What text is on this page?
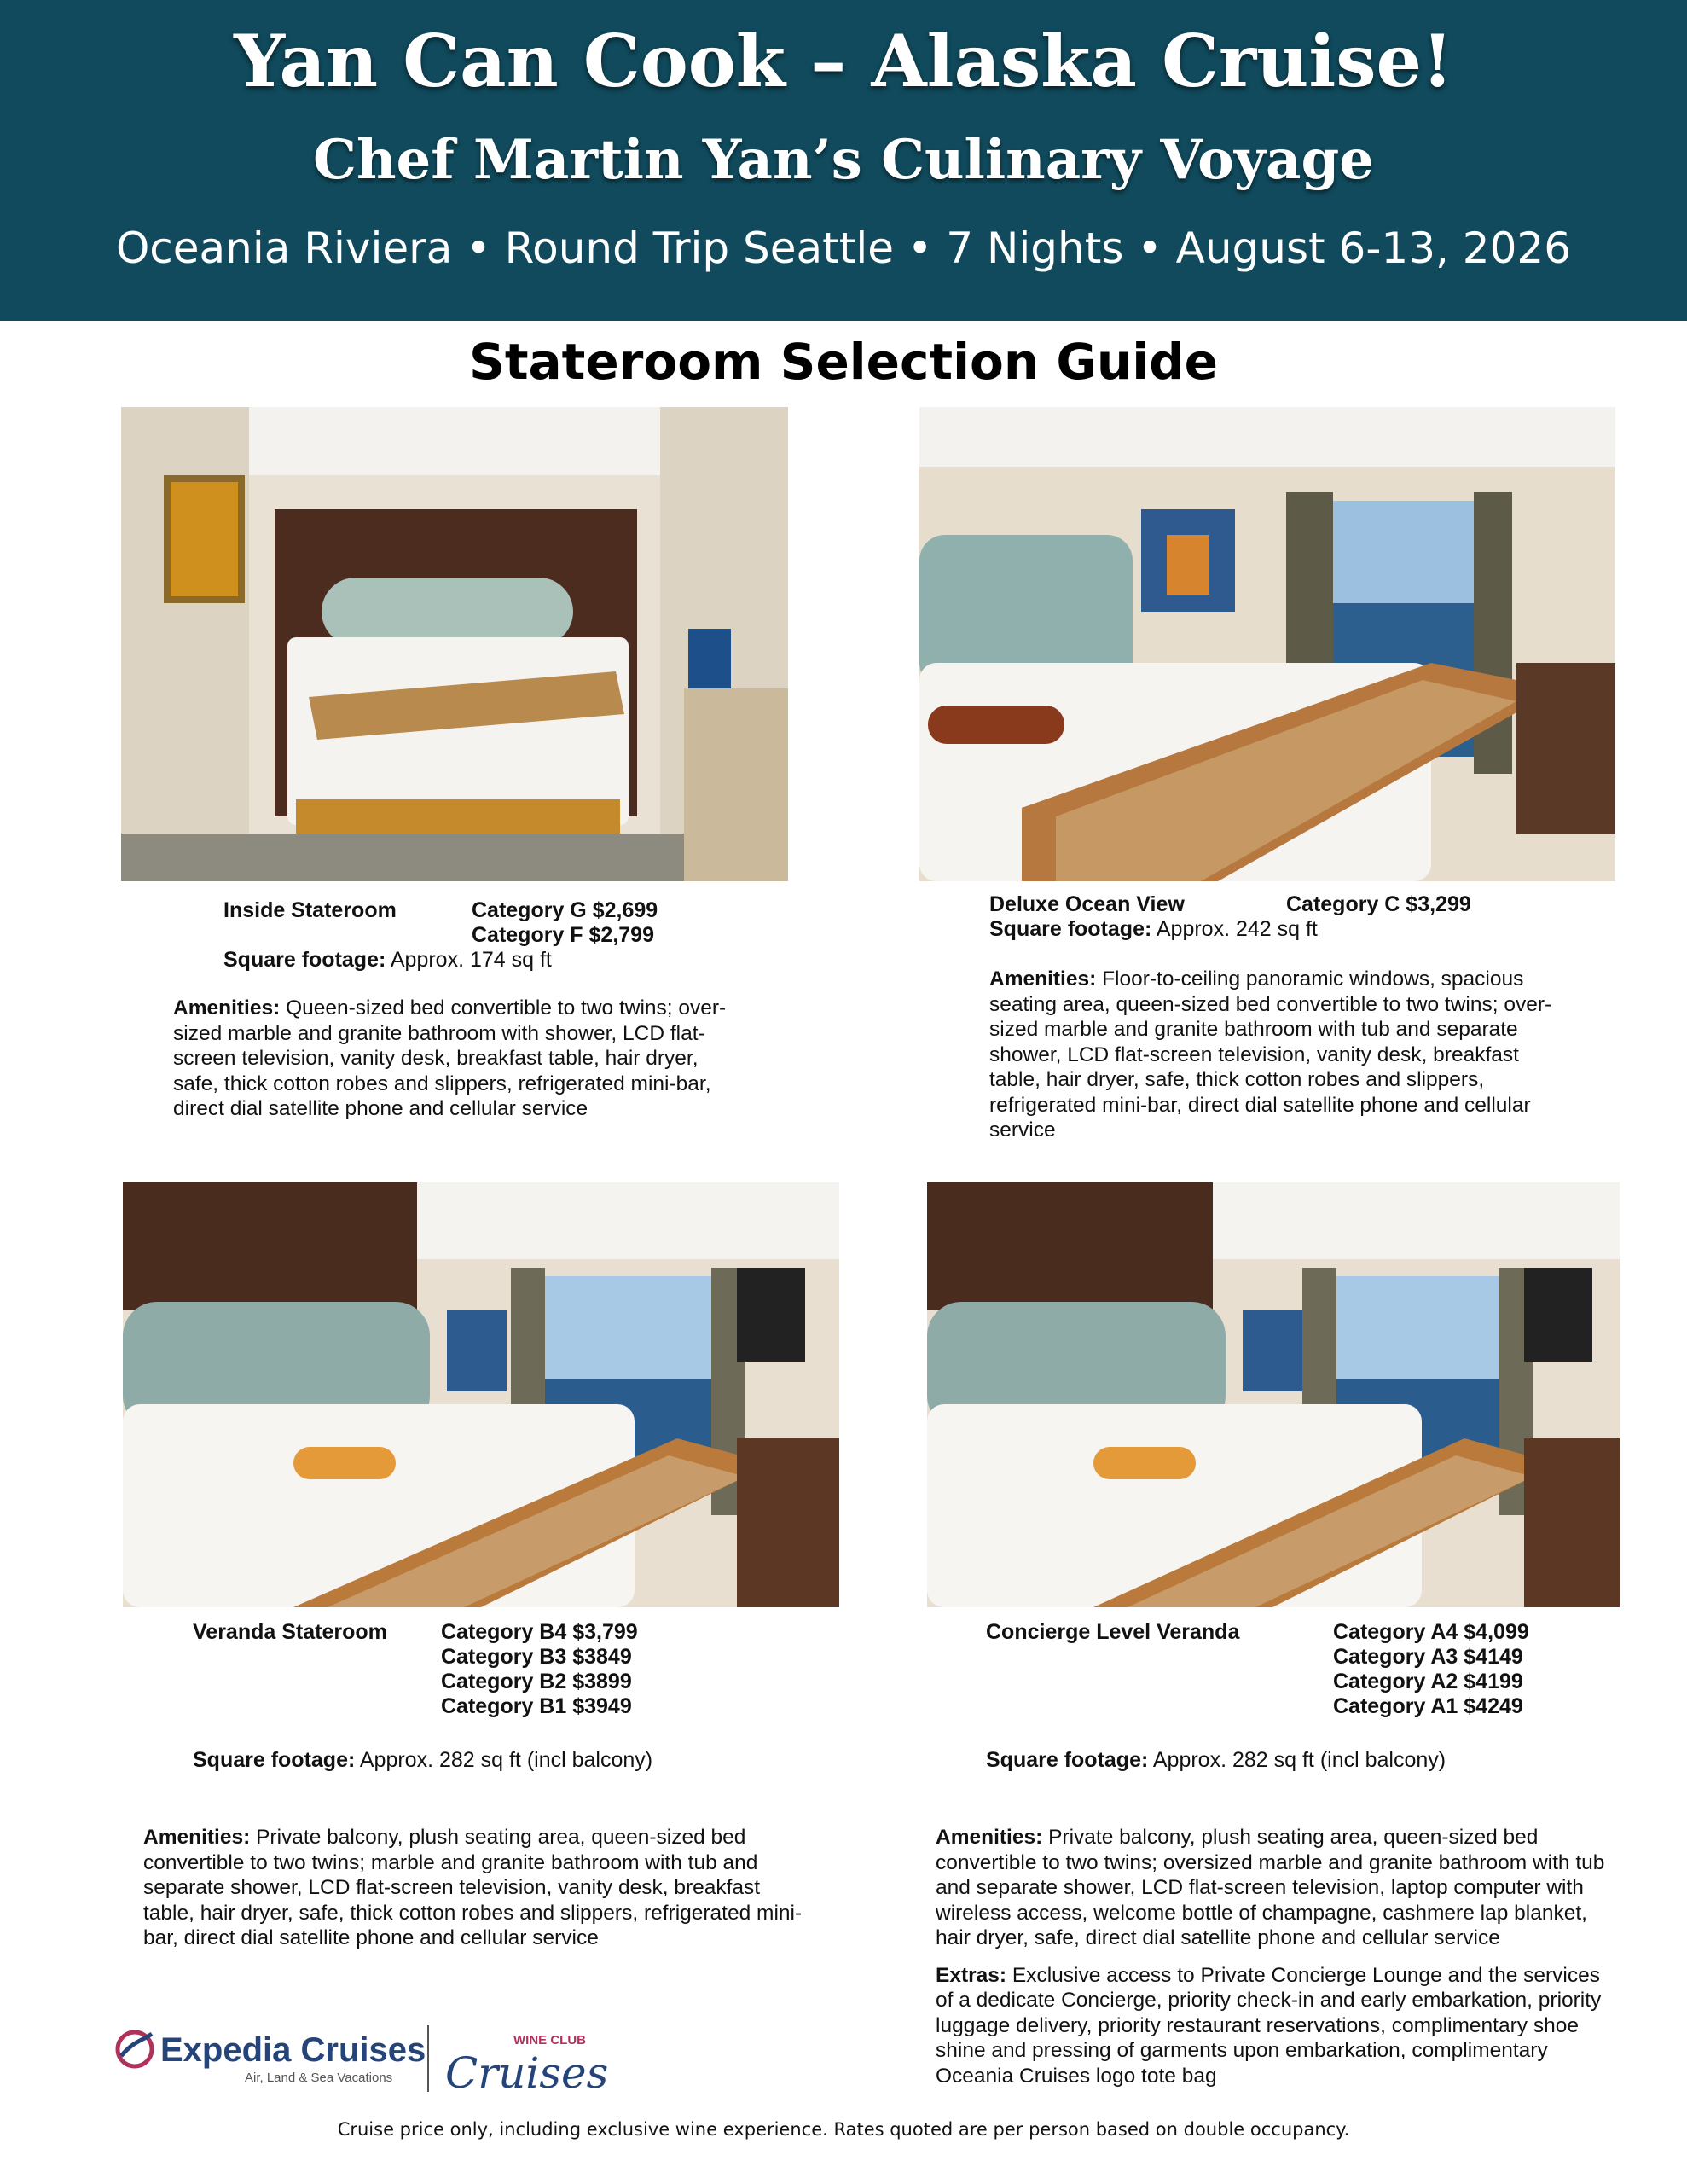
Yan Can Cook – Alaska Cruise!
Chef Martin Yan’s Culinary Voyage
Oceania Riviera • Round Trip Seattle • 7 Nights • August 6-13, 2026
Stateroom Selection Guide
Inside Stateroom	Category G $2,699
Category F $2,799
Square footage: Approx. 174 sq ft
Amenities: Queen-sized bed convertible to two twins; over-sized marble and granite bathroom with shower, LCD flat-screen television, vanity desk, breakfast table, hair dryer, safe, thick cotton robes and slippers, refrigerated mini-bar, direct dial satellite phone and cellular service
Deluxe Ocean View	Category C $3,299
Square footage: Approx. 242 sq ft
Amenities: Floor-to-ceiling panoramic windows, spacious seating area, queen-sized bed convertible to two twins; over-sized marble and granite bathroom with tub and separate shower, LCD flat-screen television, vanity desk, breakfast table, hair dryer, safe, thick cotton robes and slippers, refrigerated mini-bar, direct dial satellite phone and cellular service
Veranda Stateroom	Category B4 $3,799
Category B3 $3849
Category B2 $3899
Category B1 $3949
Square footage: Approx. 282 sq ft (incl balcony)
Amenities: Private balcony, plush seating area, queen-sized bed convertible to two twins; marble and granite bathroom with tub and separate shower, LCD flat-screen television, vanity desk, breakfast table, hair dryer, safe, thick cotton robes and slippers, refrigerated mini-bar, direct dial satellite phone and cellular service
Concierge Level Veranda	Category A4 $4,099
Category A3 $4149
Category A2 $4199
Category A1 $4249
Square footage: Approx. 282 sq ft (incl balcony)

Amenities: Private balcony, plush seating area, queen-sized bed convertible to two twins; oversized marble and granite bathroom with tub and separate shower, LCD flat-screen television, laptop computer with wireless access, welcome bottle of champagne, cashmere lap blanket, hair dryer, safe, direct dial satellite phone and cellular service

Extras: Exclusive access to Private Concierge Lounge and the services of a dedicate Concierge, priority check-in and early embarkation, priority luggage delivery, priority restaurant reservations, complimentary shoe shine and pressing of garments upon embarkation, complimentary Oceania Cruises logo tote bag

Expedia Cruises
Air, Land & Sea Vacations
WINE CLUB
Cruises
Cruise price only, including exclusive wine experience. Rates quoted are per person based on double occupancy.
